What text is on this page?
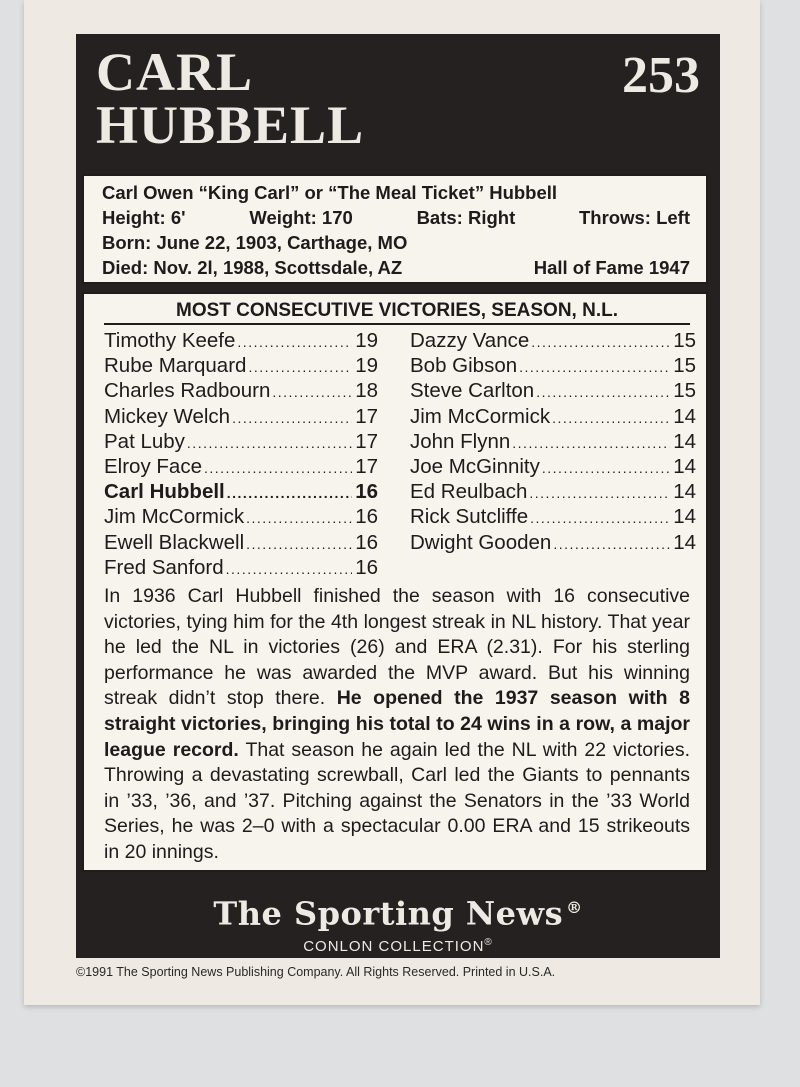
CARL
HUBBELL
253
Carl Owen “King Carl” or “The Meal Ticket” Hubbell
Height: 6'	Weight: 170	Bats: Right	Throws: Left
Born: June 22, 1903, Carthage, MO
Died: Nov. 2l, 1988, Scottsdale, AZ	Hall of Fame 1947
MOST CONSECUTIVE VICTORIES, SEASON, N.L.
Timothy Keefe .....	19
Rube Marquard .....	19
Charles Radbourn .....	18
Mickey Welch .....	17
Pat Luby .....	17
Elroy Face .....	17
Carl Hubbell .....	16
Jim McCormick .....	16
Ewell Blackwell .....	16
Fred Sanford .....	16
Dazzy Vance .....	15
Bob Gibson .....	15
Steve Carlton .....	15
Jim McCormick .....	14
John Flynn .....	14
Joe McGinnity .....	14
Ed Reulbach .....	14
Rick Sutcliffe .....	14
Dwight Gooden .....	14
In 1936 Carl Hubbell finished the season with 16 consecutive victories, tying him for the 4th longest streak in NL history. That year he led the NL in victories (26) and ERA (2.31). For his sterling performance he was awarded the MVP award. But his winning streak didn’t stop there. He opened the 1937 season with 8 straight victories, bringing his total to 24 wins in a row, a major league record. That season he again led the NL with 22 victories. Throwing a devastating screwball, Carl led the Giants to pennants in ’33, ’36, and ’37. Pitching against the Senators in the ’33 World Series, he was 2–0 with a spectacular 0.00 ERA and 15 strikeouts in 20 innings.
The Sporting News ®
CONLON COLLECTION®
©1991 The Sporting News Publishing Company. All Rights Reserved. Printed in U.S.A.
